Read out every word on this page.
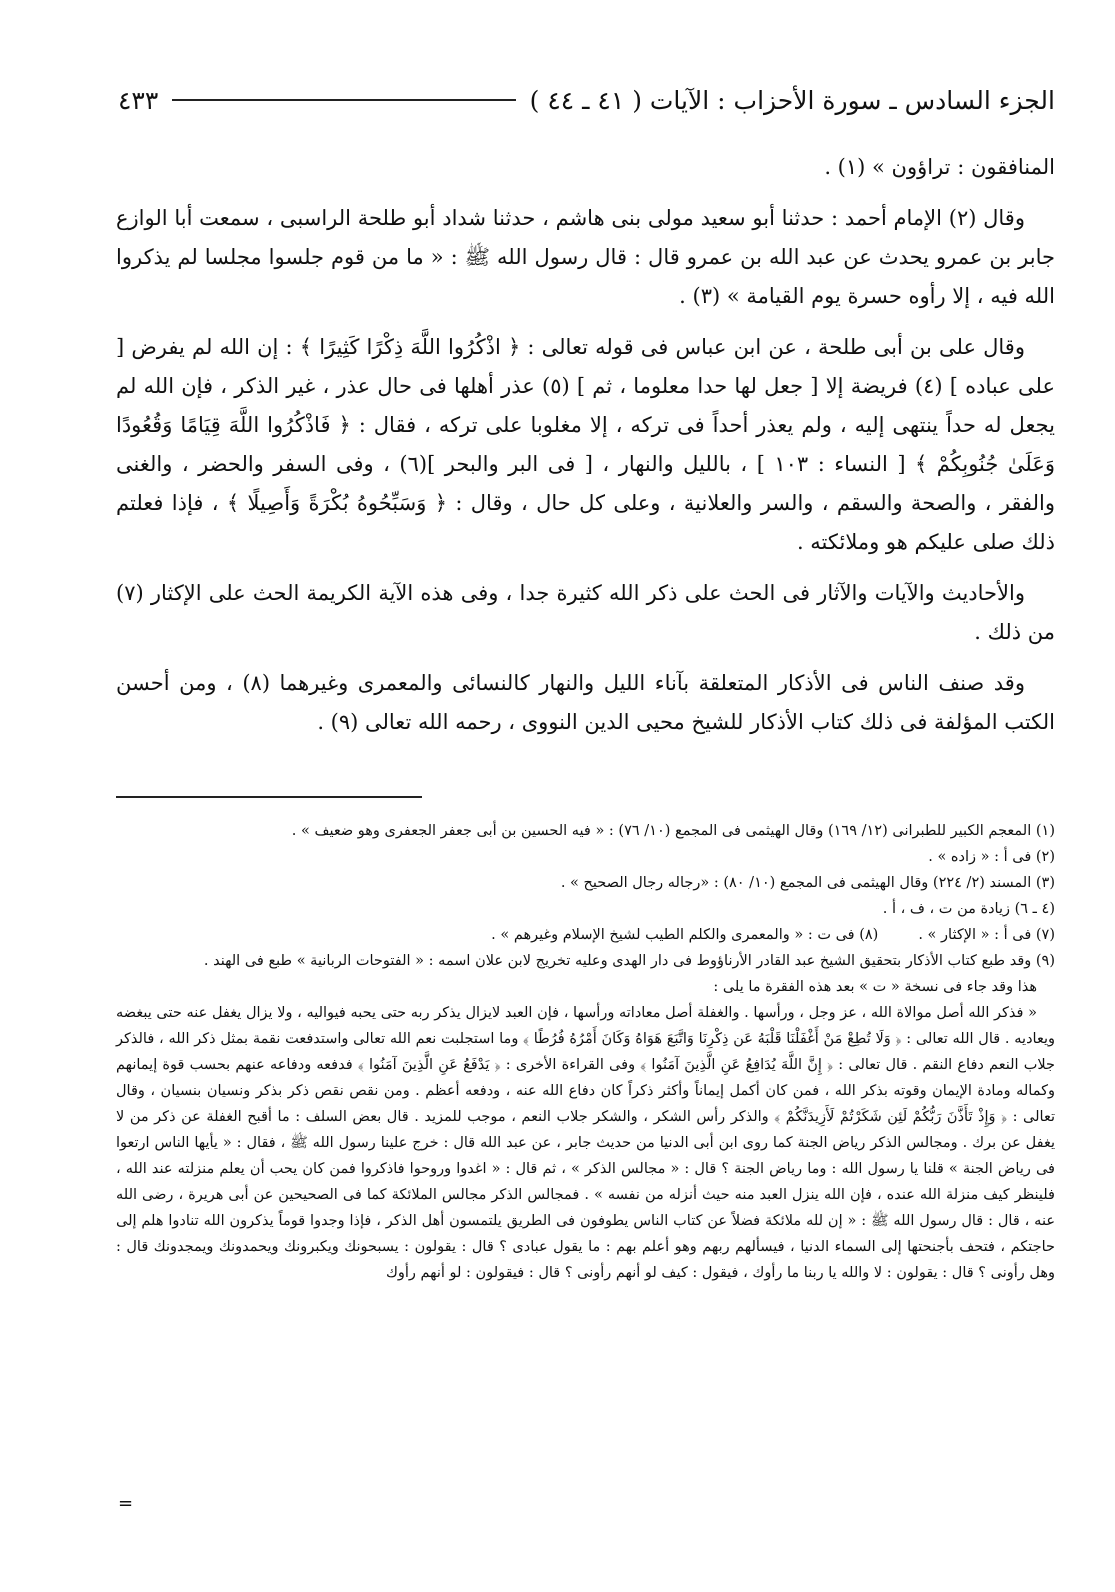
الجزء السادس ـ سورة الأحزاب : الآيات ( ٤١ ـ ٤٤ )
٤٣٣

المنافقون : تراؤون » (١) .

وقال (٢) الإمام أحمد : حدثنا أبو سعيد مولى بنى هاشم ، حدثنا شداد أبو طلحة الراسبى ، سمعت أبا الوازع جابر بن عمرو يحدث عن عبد الله بن عمرو قال : قال رسول الله ﷺ : « ما من قوم جلسوا مجلسا لم يذكروا الله فيه ، إلا رأوه حسرة يوم القيامة » (٣) .

وقال على بن أبى طلحة ، عن ابن عباس فى قوله تعالى : ﴿ اذْكُرُوا اللَّهَ ذِكْرًا كَثِيرًا ﴾ : إن الله لم يفرض [ على عباده ] (٤) فريضة إلا [ جعل لها حدا معلوما ، ثم ] (٥) عذر أهلها فى حال عذر ، غير الذكر ، فإن الله لم يجعل له حداً ينتهى إليه ، ولم يعذر أحداً فى تركه ، إلا مغلوبا على تركه ، فقال : ﴿ فَاذْكُرُوا اللَّهَ قِيَامًا وَقُعُودًا وَعَلَىٰ جُنُوبِكُمْ ﴾ [ النساء : ١٠٣ ] ، بالليل والنهار ، [ فى البر والبحر ](٦) ، وفى السفر والحضر ، والغنى والفقر ، والصحة والسقم ، والسر والعلانية ، وعلى كل حال ، وقال : ﴿ وَسَبِّحُوهُ بُكْرَةً وَأَصِيلًا ﴾ ، فإذا فعلتم ذلك صلى عليكم هو وملائكته .

والأحاديث والآيات والآثار فى الحث على ذكر الله كثيرة جدا ، وفى هذه الآية الكريمة الحث على الإكثار (٧) من ذلك .

وقد صنف الناس فى الأذكار المتعلقة بآناء الليل والنهار كالنسائى والمعمرى وغيرهما (٨) ، ومن أحسن الكتب المؤلفة فى ذلك كتاب الأذكار للشيخ محيى الدين النووى ، رحمه الله تعالى (٩) .

(١) المعجم الكبير للطبرانى (١٢/ ١٦٩) وقال الهيثمى فى المجمع (١٠/ ٧٦) : « فيه الحسين بن أبى جعفر الجعفرى وهو ضعيف » .

(٢) فى أ : « زاده » .

(٣) المسند (٢/ ٢٢٤) وقال الهيثمى فى المجمع (١٠/ ٨٠) : «رجاله رجال الصحيح » .

(٤ ـ ٦) زيادة من ت ، ف ، أ .

(٧) فى أ : « الإكثار » .
(٨) فى ت : « والمعمرى والكلم الطيب لشيخ الإسلام وغيرهم » .

(٩) وقد طبع كتاب الأذكار بتحقيق الشيخ عبد القادر الأرناؤوط فى دار الهدى وعليه تخريج لابن علان اسمه : « الفتوحات الربانية » طبع فى الهند .

هذا وقد جاء فى نسخة « ت » بعد هذه الفقرة ما يلى :

« فذكر الله أصل موالاة الله ، عز وجل ، ورأسها . والغفلة أصل معاداته ورأسها ، فإن العبد لايزال يذكر ربه حتى يحبه فيواليه ، ولا يزال يغفل عنه حتى يبغضه ويعاديه . قال الله تعالى : ﴿ وَلَا تُطِعْ مَنْ أَغْفَلْنَا قَلْبَهُ عَن ذِكْرِنَا وَاتَّبَعَ هَوَاهُ وَكَانَ أَمْرُهُ فُرُطًا ﴾ وما استجلبت نعم الله تعالى واستدفعت نقمة بمثل ذكر الله ، فالذكر جلاب النعم دفاع النقم . قال تعالى : ﴿ إِنَّ اللَّهَ يُدَافِعُ عَنِ الَّذِينَ آمَنُوا ﴾ وفى القراءة الأخرى : ﴿ يَدْفَعُ عَنِ الَّذِينَ آمَنُوا ﴾ فدفعه ودفاعه عنهم بحسب قوة إيمانهم وكماله ومادة الإيمان وقوته بذكر الله ، فمن كان أكمل إيماناً وأكثر ذكراً كان دفاع الله عنه ، ودفعه أعظم . ومن نقص نقص ذكر بذكر ونسيان بنسيان ، وقال تعالى : ﴿ وَإِذْ تَأَذَّنَ رَبُّكُمْ لَئِن شَكَرْتُمْ لَأَزِيدَنَّكُمْ ﴾ والذكر رأس الشكر ، والشكر جلاب النعم ، موجب للمزيد . قال بعض السلف : ما أقبح الغفلة عن ذكر من لا يغفل عن برك . ومجالس الذكر رياض الجنة كما روى ابن أبى الدنيا من حديث جابر ، عن عبد الله قال : خرج علينا رسول الله ﷺ ، فقال : « يأيها الناس ارتعوا فى رياض الجنة » قلنا يا رسول الله : وما رياض الجنة ؟ قال : « مجالس الذكر » ، ثم قال : « اغدوا وروحوا فاذكروا فمن كان يحب أن يعلم منزلته عند الله ، فلينظر كيف منزلة الله عنده ، فإن الله ينزل العبد منه حيث أنزله من نفسه » . فمجالس الذكر مجالس الملائكة كما فى الصحيحين عن أبى هريرة ، رضى الله عنه ، قال : قال رسول الله ﷺ : « إن لله ملائكة فضلاً عن كتاب الناس يطوفون فى الطريق يلتمسون أهل الذكر ، فإذا وجدوا قوماً يذكرون الله تنادوا هلم إلى حاجتكم ، فتحف بأجنحتها إلى السماء الدنيا ، فيسألهم ربهم وهو أعلم بهم : ما يقول عبادى ؟ قال : يقولون : يسبحونك ويكبرونك ويحمدونك ويمجدونك قال : وهل رأونى ؟ قال : يقولون : لا والله يا ربنا ما رأوك ، فيقول : كيف لو أنهم رأونى ؟ قال : فيقولون : لو أنهم رأوك

=
